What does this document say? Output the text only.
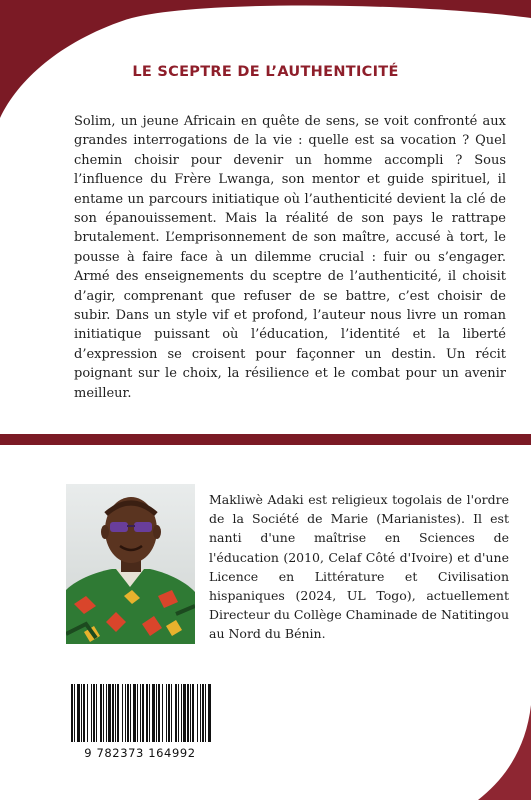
LE SCEPTRE DE L’AUTHENTICITÉ

Solim, un jeune Africain en quête de sens, se voit confronté aux grandes interrogations de la vie : quelle est sa vocation ? Quel chemin choisir pour devenir un homme accompli ? Sous l’influence du Frère Lwanga, son mentor et guide spirituel, il entame un parcours initiatique où l’authenticité devient la clé de son épanouissement. Mais la réalité de son pays le rattrape brutalement. L’emprisonnement de son maître, accusé à tort, le pousse à faire face à un dilemme crucial : fuir ou s’engager. Armé des enseignements du sceptre de l’authenticité, il choisit d’agir, comprenant que refuser de se battre, c’est choisir de subir. Dans un style vif et profond, l’auteur nous livre un roman initiatique puissant où l’éducation, l’identité et la liberté d’expression se croisent pour façonner un destin. Un récit poignant sur le choix, la résilience et le combat pour un avenir meilleur.

Makliwè Adaki est religieux togolais de l'ordre de la Société de Marie (Marianistes). Il est nanti d'une maîtrise en Sciences de l'éducation (2010, Celaf Côté d'Ivoire) et d'une Licence en Littérature et Civilisation hispaniques (2024, UL Togo), actuellement Directeur du Collège Chaminade de Natitingou au Nord du Bénin.

9 782373 164992
